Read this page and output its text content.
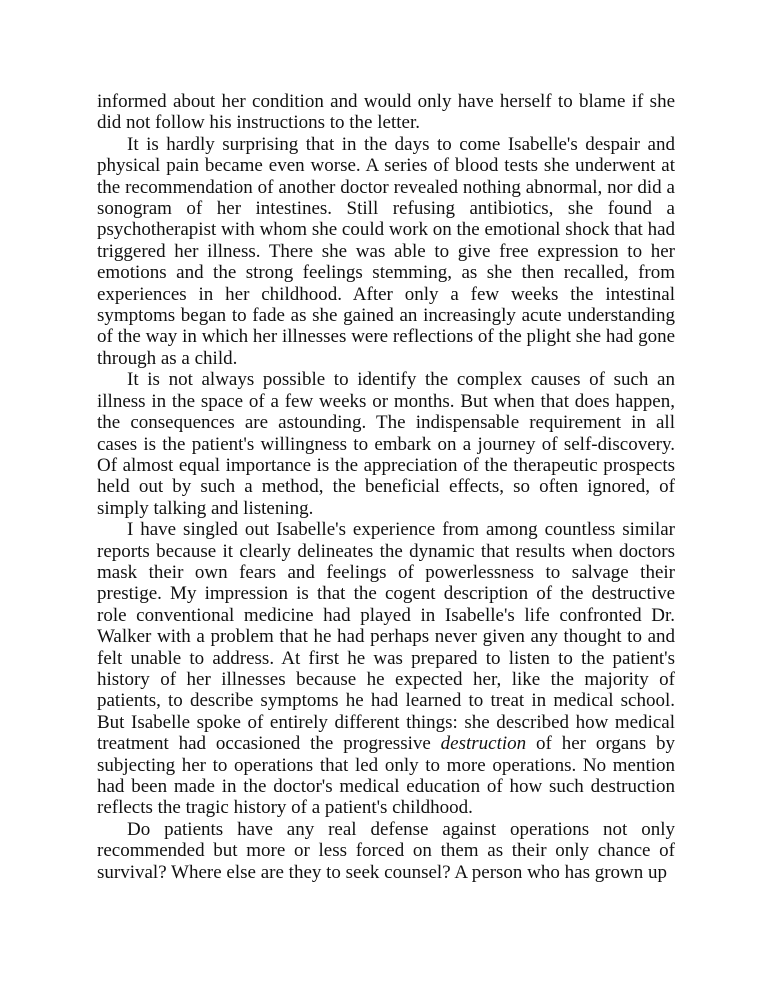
informed about her condition and would only have herself to blame if she did not follow his instructions to the letter.

It is hardly surprising that in the days to come Isabelle's despair and physical pain became even worse. A series of blood tests she underwent at the recommendation of another doctor revealed nothing abnormal, nor did a sonogram of her intestines. Still refusing antibiotics, she found a psychotherapist with whom she could work on the emotional shock that had triggered her illness. There she was able to give free expression to her emotions and the strong feelings stemming, as she then recalled, from experiences in her childhood. After only a few weeks the intestinal symptoms began to fade as she gained an increasingly acute understanding of the way in which her illnesses were reflections of the plight she had gone through as a child.

It is not always possible to identify the complex causes of such an illness in the space of a few weeks or months. But when that does happen, the consequences are astounding. The indispensable requirement in all cases is the patient's willingness to embark on a journey of self-discovery. Of almost equal importance is the appreciation of the therapeutic prospects held out by such a method, the beneficial effects, so often ignored, of simply talking and listening.

I have singled out Isabelle's experience from among countless similar reports because it clearly delineates the dynamic that results when doctors mask their own fears and feelings of powerlessness to salvage their prestige. My impression is that the cogent description of the destructive role conventional medicine had played in Isabelle's life confronted Dr. Walker with a problem that he had perhaps never given any thought to and felt unable to address. At first he was prepared to listen to the patient's history of her illnesses because he expected her, like the majority of patients, to describe symptoms he had learned to treat in medical school. But Isabelle spoke of entirely different things: she described how medical treatment had occasioned the progressive destruction of her organs by subjecting her to operations that led only to more operations. No mention had been made in the doctor's medical education of how such destruction reflects the tragic history of a patient's childhood.

Do patients have any real defense against operations not only recommended but more or less forced on them as their only chance of survival? Where else are they to seek counsel? A person who has grown up
